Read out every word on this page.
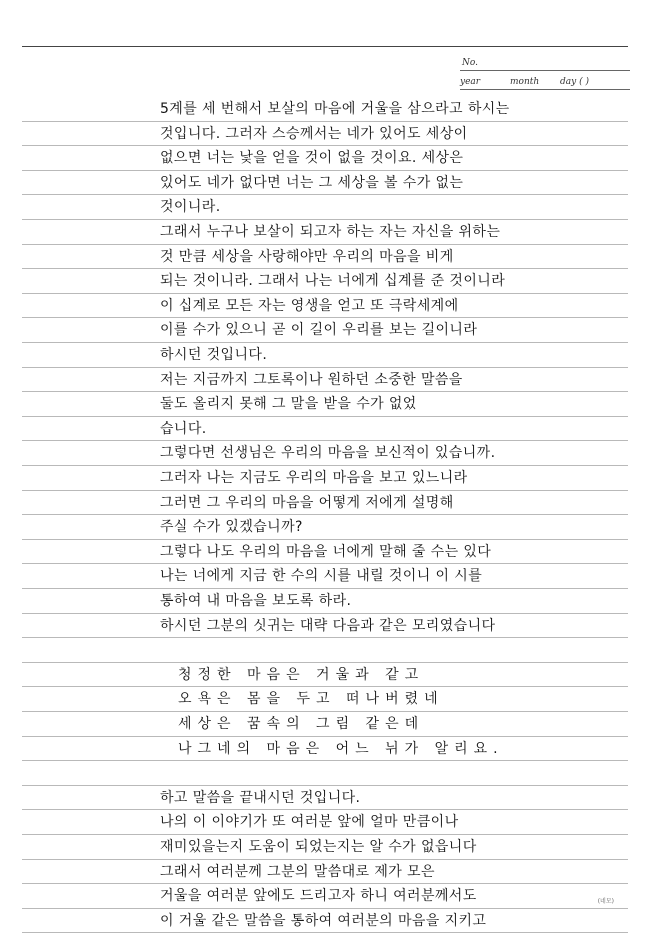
No.
year	month day ( )
5계를 세 번해서 보살의 마음에 거울을 삼으라고 하시는
것입니다. 그러자 스승께서는 네가 있어도 세상이
없으면 너는 낯을 얻을 것이 없을 것이요. 세상은
있어도 네가 없다면 너는 그 세상을 볼 수가 없는
것이니라.
그래서 누구나 보살이 되고자 하는 자는 자신을 위하는
것 만큼 세상을 사랑해야만 우리의 마음을 비게
되는 것이니라. 그래서 나는 너에게 십계를 준 것이니라
이 십계로 모든 자는 영생을 얻고 또 극락세계에
이를 수가 있으니 곧 이 길이 우리를 보는 길이니라
하시던 것입니다.
저는 지금까지 그토록이나 원하던 소중한 말씀을
둘도 올리지 못해 그 말을 받을 수가 없었
습니다.
그렇다면 선생님은 우리의 마음을 보신적이 있습니까.
그러자 나는 지금도 우리의 마음을 보고 있느니라
그러면 그 우리의 마음을 어떻게 저에게 설명해
주실 수가 있겠습니까?
그렇다 나도 우리의 마음을 너에게 말해 줄 수는 있다
나는 너에게 지금 한 수의 시를 내릴 것이니 이 시를
통하여 내 마음을 보도록 하라.
하시던 그분의 싯귀는 대략 다음과 같은 모리였습니다
청정한 마음은 거울과 같고
오욕은 몸을 두고 떠나버렸네
세상은 꿈속의 그림 같은데
나그네의 마음은 어느 뉘가 알리요.
하고 말씀을 끝내시던 것입니다.
나의 이 이야기가 또 여러분 앞에 얼마 만큼이나
재미있을는지 도움이 되었는지는 알 수가 없읍니다
그래서 여러분께 그분의 말씀대로 제가 모은
거울을 여러분 앞에도 드리고자 하니 여러분께서도
이 거울 같은 말씀을 통하여 여러분의 마음을 지키고
(네모)
